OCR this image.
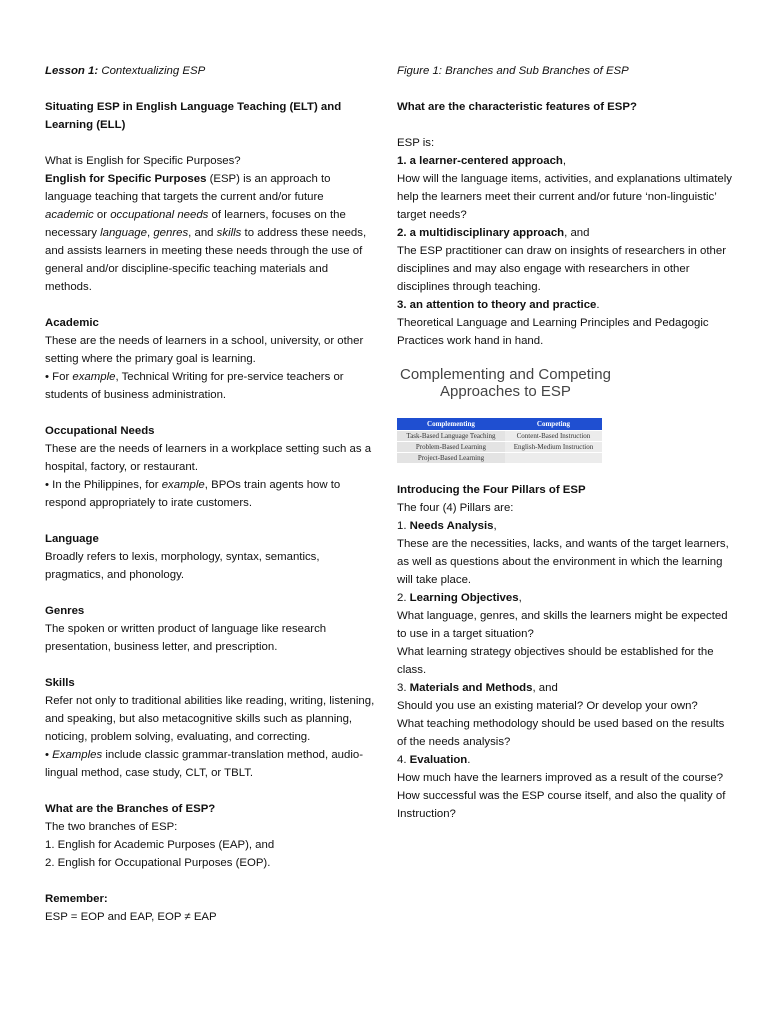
Lesson 1: Contextualizing ESP

Situating ESP in English Language Teaching (ELT) and
Learning (ELL)

What is English for Specific Purposes?

English for Specific Purposes (ESP) is an approach to language teaching that targets the current and/or future academic or occupational needs of learners, focuses on the necessary language, genres, and skills to address these needs, and assists learners in meeting these needs through the use of general and/or discipline-specific teaching materials and methods.

Academic

These are the needs of learners in a school, university, or other setting where the primary goal is learning.

• For example, Technical Writing for pre-service teachers or students of business administration.

Occupational Needs

These are the needs of learners in a workplace setting such as a hospital, factory, or restaurant.

• In the Philippines, for example, BPOs train agents how to respond appropriately to irate customers.

Language

Broadly refers to lexis, morphology, syntax, semantics, pragmatics, and phonology.

Genres

The spoken or written product of language like research presentation, business letter, and prescription.

Skills

Refer not only to traditional abilities like reading, writing, listening, and speaking, but also metacognitive skills such as planning, noticing, problem solving, evaluating, and correcting.

• Examples include classic grammar-translation method, audio-lingual method, case study, CLT, or TBLT.

What are the Branches of ESP?

The two branches of ESP:

1. English for Academic Purposes (EAP), and

2. English for Occupational Purposes (EOP).

Remember:

ESP = EOP and EAP, EOP ≠ EAP

Figure 1: Branches and Sub Branches of ESP

What are the characteristic features of ESP?

ESP is:

1. a learner-centered approach,

How will the language items, activities, and explanations ultimately help the learners meet their current and/or future ‘non-linguistic’ target needs?

2. a multidisciplinary approach, and

The ESP practitioner can draw on insights of researchers in other disciplines and may also engage with researchers in other disciplines through teaching.

3. an attention to theory and practice.

Theoretical Language and Learning Principles and Pedagogic Practices work hand in hand.

Complementing and Competing
Approaches to ESP
Complementing	Competing
Task-Based Language Teaching	Content-Based Instruction
Problem-Based Learning	English-Medium Instruction
Project-Based Learning	

Introducing the Four Pillars of ESP

The four (4) Pillars are:

1. Needs Analysis,

These are the necessities, lacks, and wants of the target learners, as well as questions about the environment in which the learning will take place.

2. Learning Objectives,

What language, genres, and skills the learners might be expected to use in a target situation?

What learning strategy objectives should be established for the class.

3. Materials and Methods, and

Should you use an existing material? Or develop your own?

What teaching methodology should be used based on the results of the needs analysis?

4. Evaluation.

How much have the learners improved as a result of the course?

How successful was the ESP course itself, and also the quality of Instruction?
